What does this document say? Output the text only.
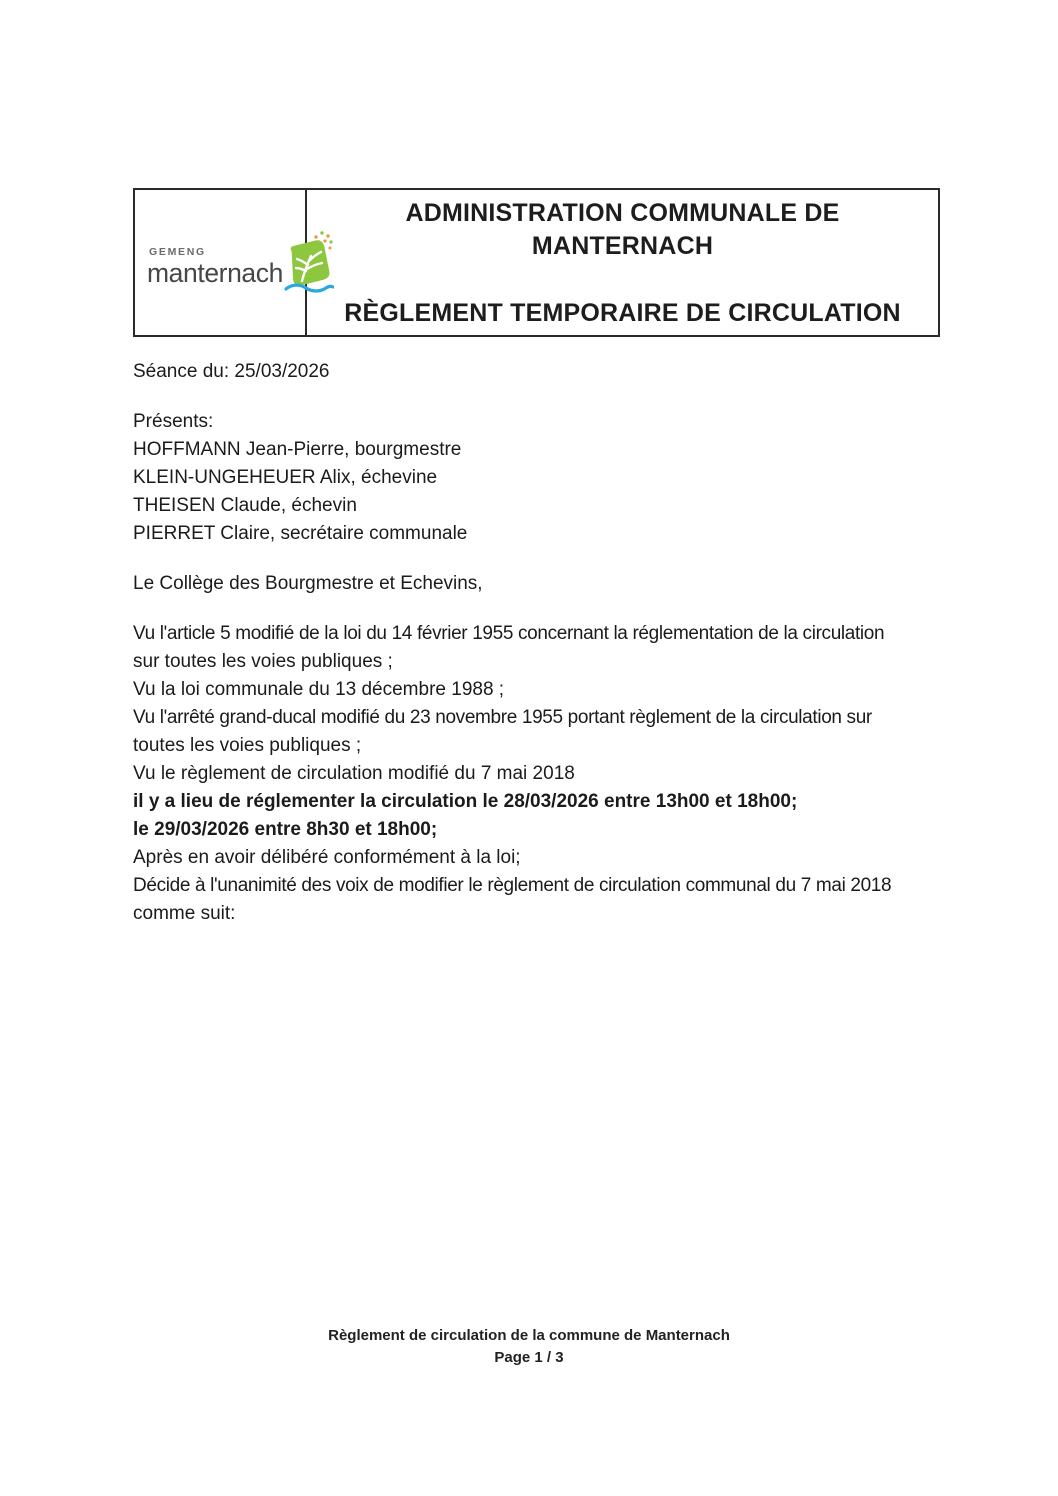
GEMENG
manternach
ADMINISTRATION COMMUNALE DE
MANTERNACH
RÈGLEMENT TEMPORAIRE DE CIRCULATION
Séance du: 25/03/2026
Présents:
HOFFMANN Jean-Pierre, bourgmestre
KLEIN-UNGEHEUER Alix, échevine
THEISEN Claude, échevin
PIERRET Claire, secrétaire communale
Le Collège des Bourgmestre et Echevins,
Vu l'article 5 modifié de la loi du 14 février 1955 concernant la réglementation de la circulation
sur toutes les voies publiques ;
Vu la loi communale du 13 décembre 1988 ;
Vu l'arrêté grand-ducal modifié du 23 novembre 1955 portant règlement de la circulation sur
toutes les voies publiques ;
Vu le règlement de circulation modifié du 7 mai 2018
il y a lieu de réglementer la circulation le 28/03/2026 entre 13h00 et 18h00;
le 29/03/2026 entre 8h30 et 18h00;
Après en avoir délibéré conformément à la loi;
Décide à l'unanimité des voix de modifier le règlement de circulation communal du 7 mai 2018
comme suit:
Règlement de circulation de la commune de Manternach
Page 1 / 3
